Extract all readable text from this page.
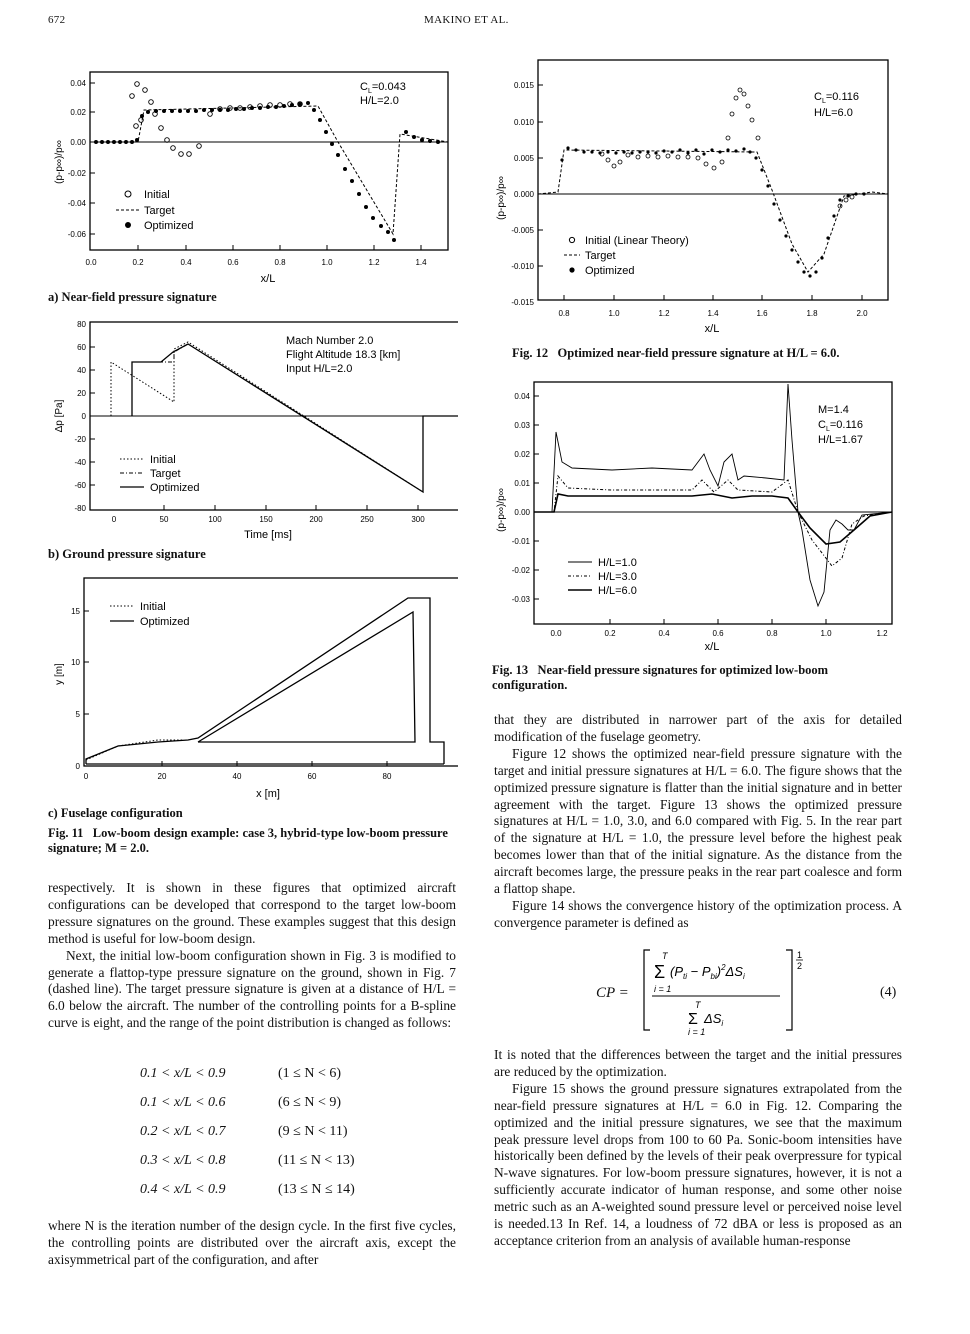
672	MAKINO ET AL.
0.04
0.02
0.00
-0.02
-0.04
-0.06
0.0	0.2	0.4	0.6	0.8	1.0	1.2	1.4
x/L
(p-p∞)/p∞
$C_L=0.043$
H/L=2.0
Initial
Target
Optimized
a) Near-field pressure signature
80
60
40
20
0
-20
-40
-60
-80
0	50	100	150	200	250	300
Time [ms]
Δp [Pa]
Mach Number 2.0
Flight Altitude 18.3 [km]
Input H/L=2.0
Initial
Target
Optimized
b) Ground pressure signature
15
10
5
0
0	20	40	60	80
x [m]
y [m]
Initial
Optimized
c) Fuselage configuration
Fig. 11 Low-boom design example: case 3, hybrid-type low-boom pressure signature; M = 2.0.
0.015
0.010
0.005
0.000
-0.005
-0.010
-0.015
0.8	1.0	1.2	1.4	1.6	1.8	2.0
x/L
(p-p∞)/p∞
$C_L=0.116$
H/L=6.0
Initial (Linear Theory)
Target
Optimized
Fig. 12 Optimized near-field pressure signature at H/L = 6.0.
0.04
0.03
0.02
0.01
0.00
-0.01
-0.02
-0.03
0.0	0.2	0.4	0.6	0.8	1.0	1.2
x/L
(p-p∞)/p∞
M=1.4
$C_L=0.116$
H/L=1.67
H/L=1.0
H/L=3.0
H/L=6.0
Fig. 13 Near-field pressure signatures for optimized low-boom configuration.

respectively. It is shown in these figures that optimized aircraft configurations can be developed that correspond to the target low-boom pressure signatures on the ground. These examples suggest that this design method is useful for low-boom design.

Next, the initial low-boom configuration shown in Fig. 3 is modified to generate a flattop-type pressure signature on the ground, shown in Fig. 7 (dashed line). The target pressure signature is given at a distance of H/L = 6.0 below the aircraft. The number of the controlling points for a B-spline curve is eight, and the range of the point distribution is changed as follows:

0.1 < x/L < 0.9	(1 ≤ N < 6)
0.1 < x/L < 0.6	(6 ≤ N < 9)
0.2 < x/L < 0.7	(9 ≤ N < 11)
0.3 < x/L < 0.8	(11 ≤ N < 13)
0.4 < x/L < 0.9	(13 ≤ N ≤ 14)

where N is the iteration number of the design cycle. In the first five cycles, the controlling points are distributed over the aircraft axis, except the axisymmetrical part of the configuration, and after

that they are distributed in narrower part of the axis for detailed modification of the fuselage geometry.

Figure 12 shows the optimized near-field pressure signature with the target and initial pressure signatures at H/L = 6.0. The figure shows that the optimized pressure signature is flatter than the initial signature and in better agreement with the target. Figure 13 shows the optimized pressure signatures at H/L = 1.0, 3.0, and 6.0 compared with Fig. 5. In the rear part of the signature at H/L = 1.0, the pressure level before the highest peak becomes lower than that of the initial signature. As the distance from the aircraft becomes large, the pressure peaks in the rear part coalesce and form a flattop shape.

Figure 14 shows the convergence history of the optimization process. A convergence parameter is defined as

CP =
1
2
T
Σ $(P_{ti} - P_{bi})^2\Delta S_i$
i = 1
T
Σ $\Delta S_i$
i = 1
(4)

It is noted that the differences between the target and the initial pressures are reduced by the optimization.

Figure 15 shows the ground pressure signatures extrapolated from the near-field pressure signatures at H/L = 6.0 in Fig. 12. Comparing the optimized and the initial pressure signatures, we see that the maximum peak pressure level drops from 100 to 60 Pa. Sonic-boom intensities have historically been defined by the levels of their peak overpressure for typical N-wave signatures. For low-boom pressure signatures, however, it is not a sufficiently accurate indicator of human response, and some other noise metric such as an A-weighted sound pressure level or perceived noise level is needed.13 In Ref. 14, a loudness of 72 dBA or less is proposed as an acceptance criterion from an analysis of available human-response
